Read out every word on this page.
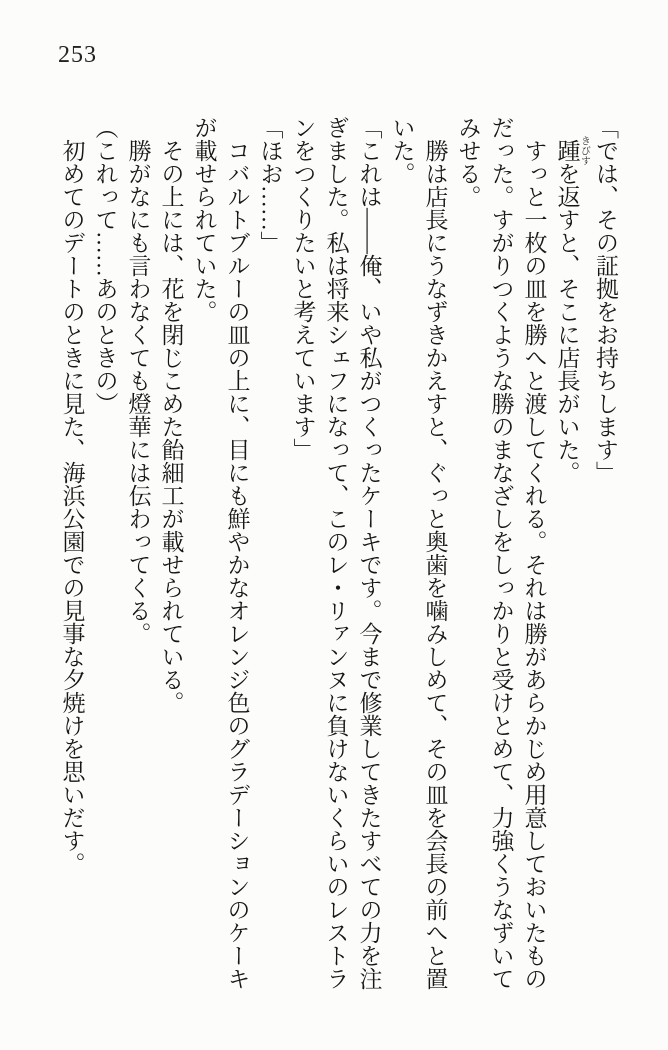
253

「では、その証拠をお持ちします」

　踵 きびすを返すと、そこに店長がいた。

　すっと一枚の皿を勝へと渡してくれる。それは勝があらかじめ用意しておいたものだった。すがりつくような勝のまなざしをしっかりと受けとめて、力強くうなずいてみせる。

　勝は店長にうなずきかえすと、ぐっと奥歯を噛みしめて、その皿を会長の前へと置いた。

「これは――俺、いや私がつくったケーキです。今まで修業してきたすべての力を注ぎました。私は将来シェフになって、このレ・リァンヌに負けないくらいのレストランをつくりたいと考えています」

「ほお……」

　コバルトブルーの皿の上に、目にも鮮やかなオレンジ色のグラデーションのケーキが載せられていた。

　その上には、花を閉じこめた飴細工が載せられている。

　勝がなにも言わなくても燈華には伝わってくる。

（これって……あのときの）

　初めてのデートのときに見た、海浜公園での見事な夕焼けを思いだす。
